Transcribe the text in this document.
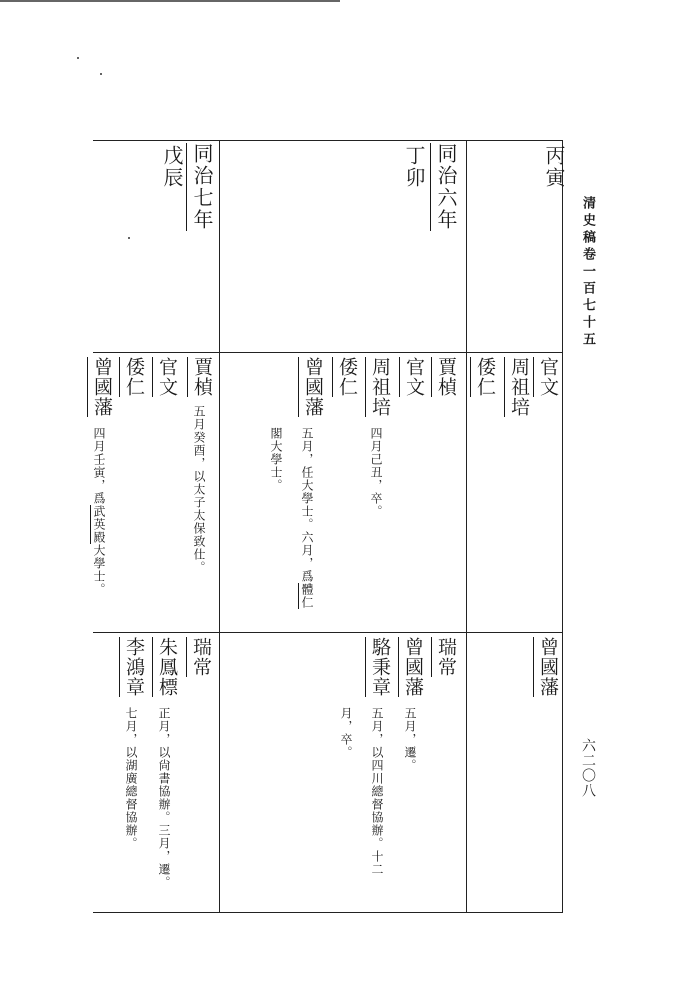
清史稿卷一百七十五
六二〇八
丙寅
同治六年
丁卯
同治七年
戊辰
官文
周祖培
倭仁
賈楨
官文
周祖培
四月己丑，卒。
倭仁
曾國藩
五月，任大學士。六月，爲體仁
閣大學士。
賈楨
五月癸酉，以太子太保致仕。
官文
倭仁
曾國藩
四月壬寅，爲武英殿大學士。
曾國藩
瑞常
曾國藩
五月，遷。
駱秉章
五月，以四川總督協辦。十二
月，卒。
瑞常
朱鳳標
正月，以尙書協辦。三月，遷。
李鴻章
七月，以湖廣總督協辦。
